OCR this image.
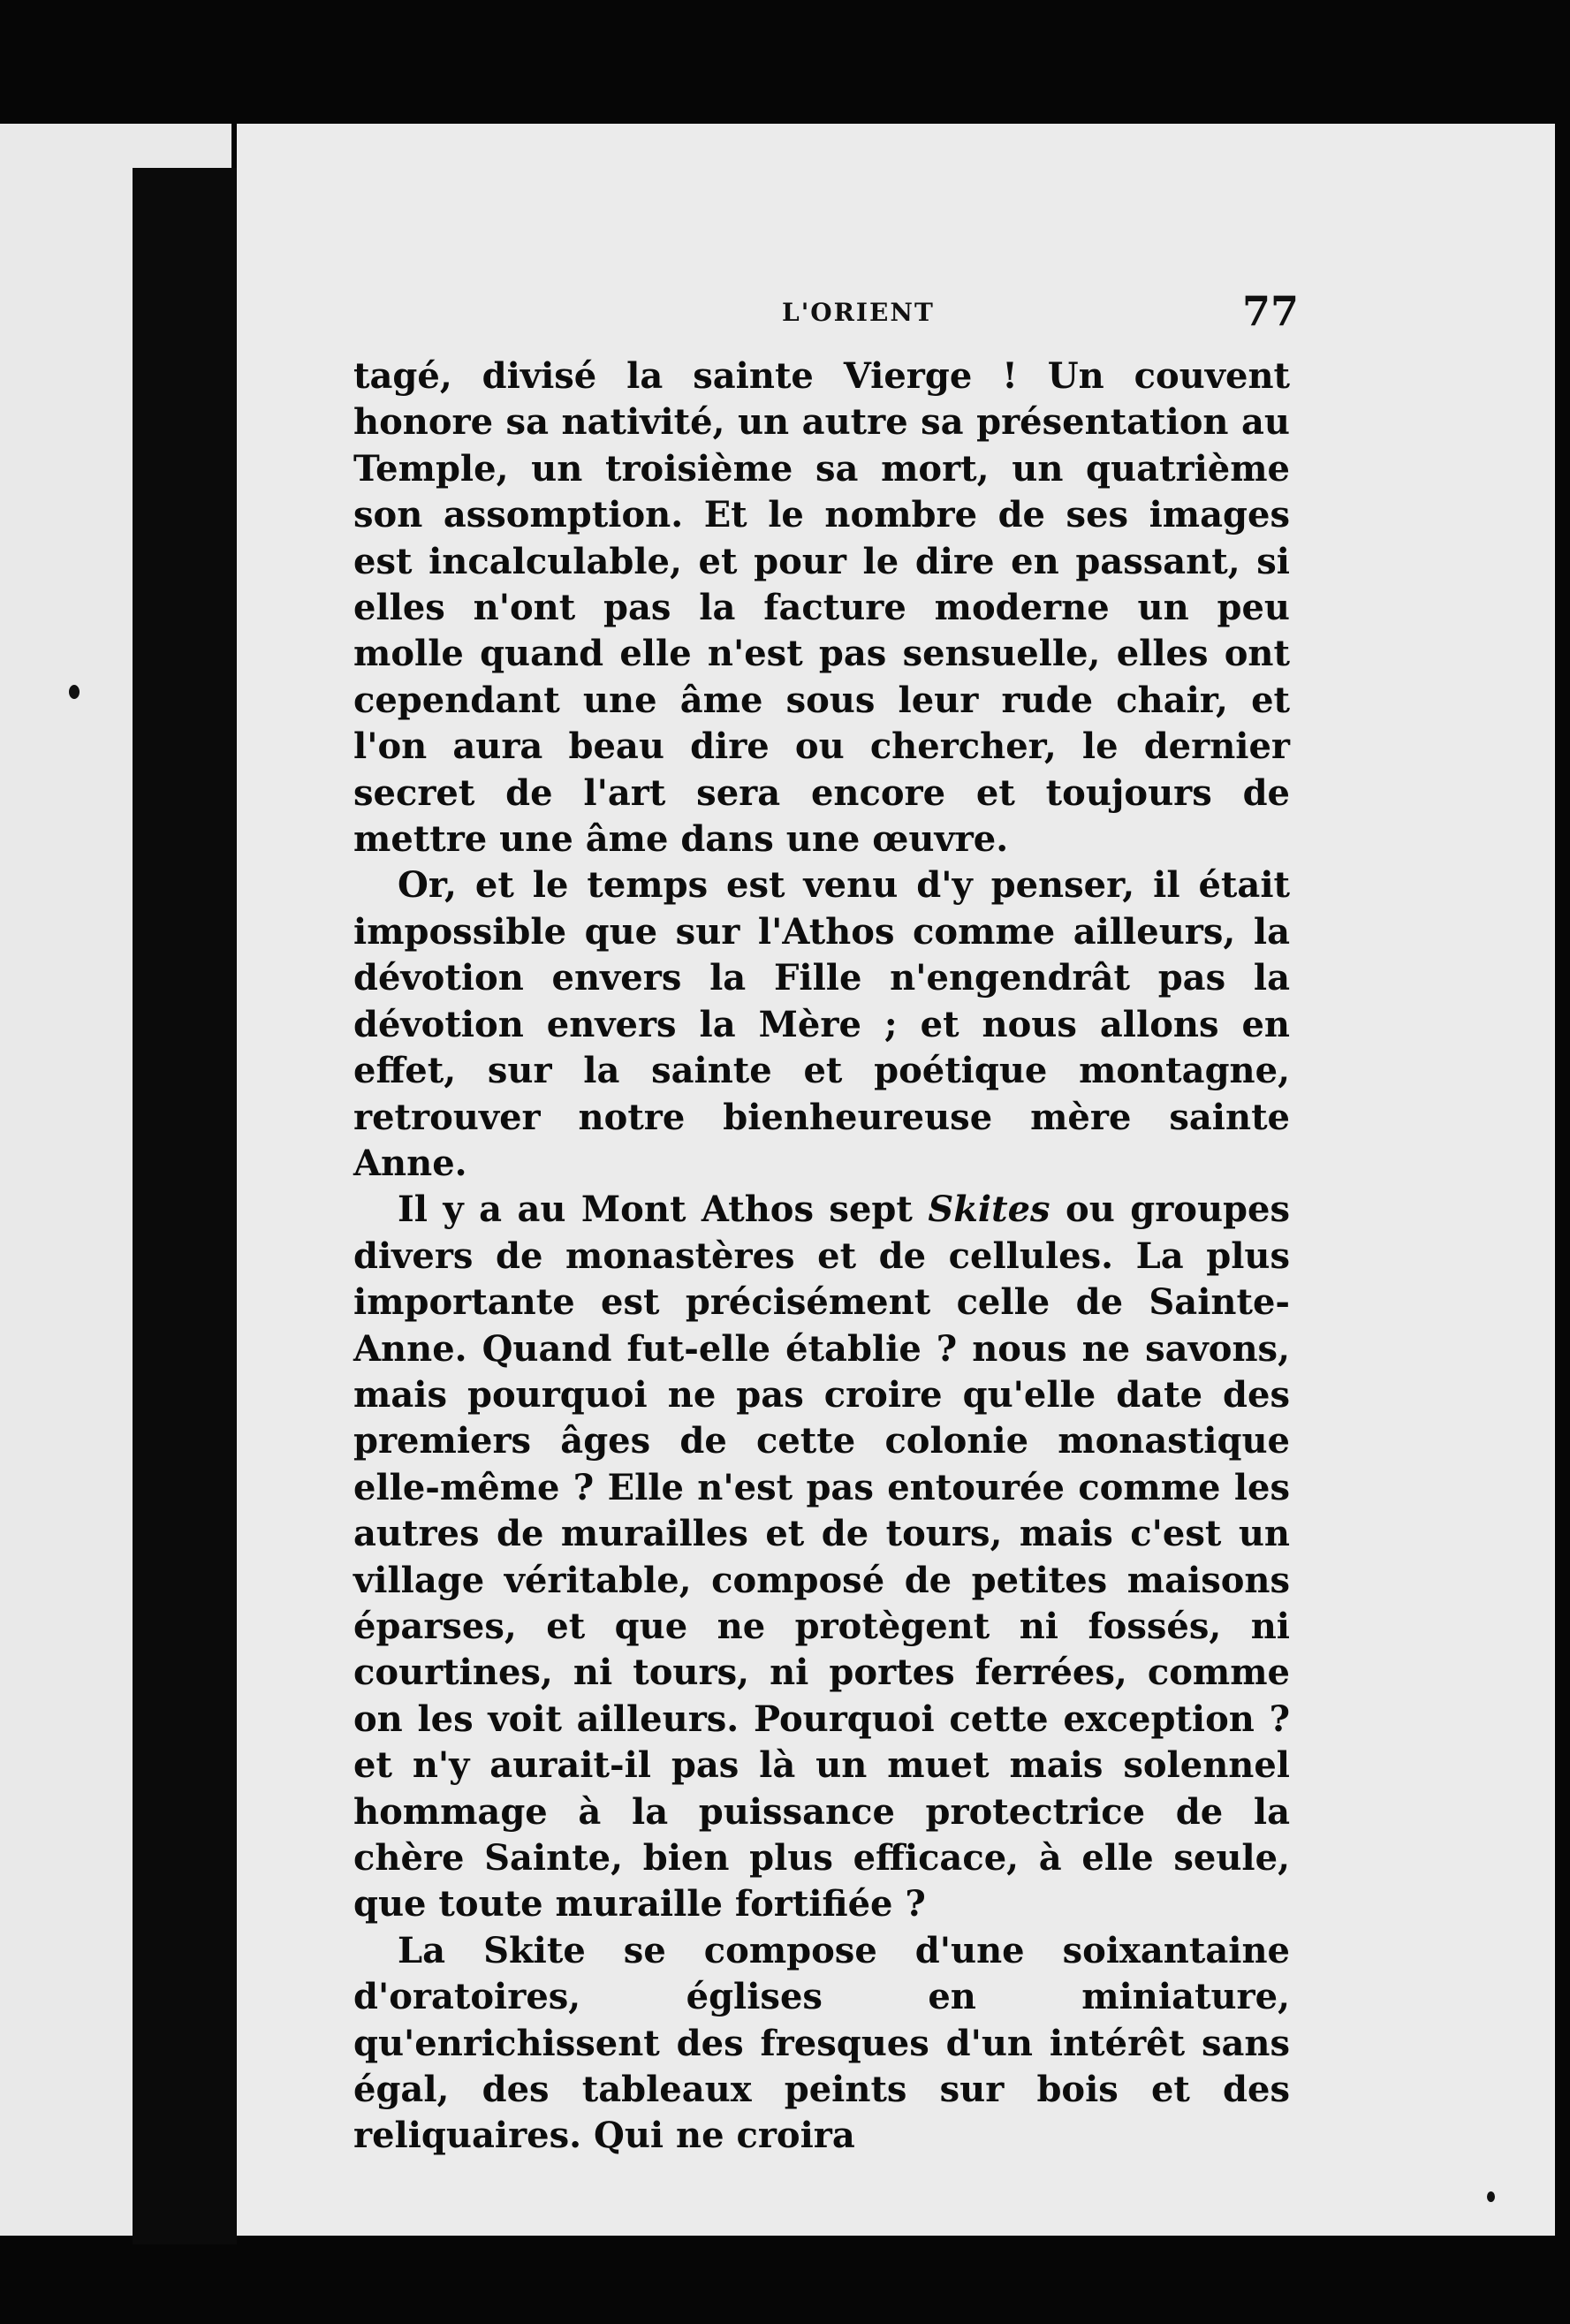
L'ORIENT	77

tagé, divisé la sainte Vierge ! Un couvent honore sa nativité, un autre sa présentation au Temple, un troisième sa mort, un quatrième son assomption. Et le nombre de ses images est incalculable, et pour le dire en passant, si elles n'ont pas la facture moderne un peu molle quand elle n'est pas sensuelle, elles ont cependant une âme sous leur rude chair, et l'on aura beau dire ou chercher, le dernier secret de l'art sera encore et toujours de mettre une âme dans une œuvre.

Or, et le temps est venu d'y penser, il était impossible que sur l'Athos comme ailleurs, la dévotion envers la Fille n'engendrât pas la dévotion envers la Mère ; et nous allons en effet, sur la sainte et poétique montagne, retrouver notre bienheureuse mère sainte Anne.

Il y a au Mont Athos sept Skites ou groupes divers de monastères et de cellules. La plus importante est précisément celle de Sainte-Anne. Quand fut-elle établie ? nous ne savons, mais pourquoi ne pas croire qu'elle date des premiers âges de cette colonie monastique elle-même ? Elle n'est pas entourée comme les autres de murailles et de tours, mais c'est un village véritable, composé de petites maisons éparses, et que ne protègent ni fossés, ni courtines, ni tours, ni portes ferrées, comme on les voit ailleurs. Pourquoi cette exception ? et n'y aurait-il pas là un muet mais solennel hommage à la puissance protectrice de la chère Sainte, bien plus efficace, à elle seule, que toute muraille fortifiée ?

La Skite se compose d'une soixantaine d'oratoires, églises en miniature, qu'enrichissent des fresques d'un intérêt sans égal, des tableaux peints sur bois et des reliquaires. Qui ne croira
